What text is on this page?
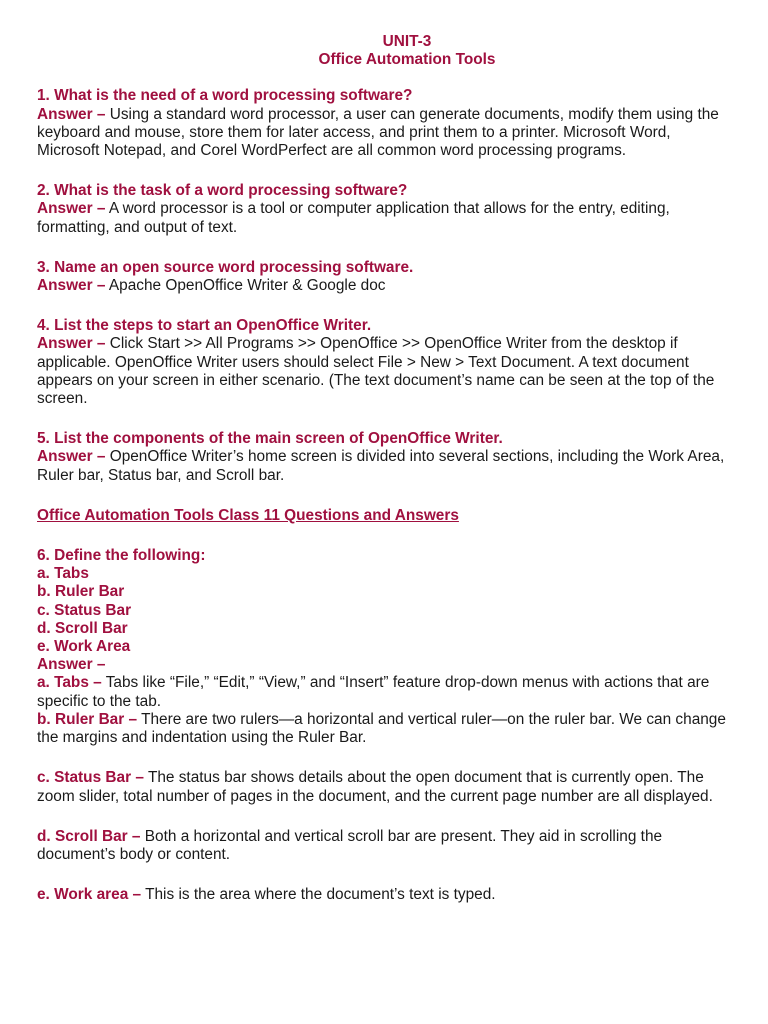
UNIT-3
Office Automation Tools
1. What is the need of a word processing software?

Answer – Using a standard word processor, a user can generate documents, modify them using the keyboard and mouse, store them for later access, and print them to a printer. Microsoft Word, Microsoft Notepad, and Corel WordPerfect are all common word processing programs.

2. What is the task of a word processing software?

Answer – A word processor is a tool or computer application that allows for the entry, editing, formatting, and output of text.

3. Name an open source word processing software.

Answer – Apache OpenOffice Writer & Google doc

4. List the steps to start an OpenOffice Writer.

Answer – Click Start >> All Programs >> OpenOffice >> OpenOffice Writer from the desktop if applicable. OpenOffice Writer users should select File > New > Text Document. A text document appears on your screen in either scenario. (The text document’s name can be seen at the top of the screen.

5. List the components of the main screen of OpenOffice Writer.

Answer – OpenOffice Writer’s home screen is divided into several sections, including the Work Area, Ruler bar, Status bar, and Scroll bar.

Office Automation Tools Class 11 Questions and Answers
6. Define the following:
a. Tabs
b. Ruler Bar
c. Status Bar
d. Scroll Bar
e. Work Area
Answer –

a. Tabs – Tabs like “File,” “Edit,” “View,” and “Insert” feature drop-down menus with actions that are specific to the tab.

b. Ruler Bar – There are two rulers—a horizontal and vertical ruler—on the ruler bar. We can change the margins and indentation using the Ruler Bar.

c. Status Bar – The status bar shows details about the open document that is currently open. The zoom slider, total number of pages in the document, and the current page number are all displayed.

d. Scroll Bar – Both a horizontal and vertical scroll bar are present. They aid in scrolling the document’s body or content.

e. Work area – This is the area where the document’s text is typed.
